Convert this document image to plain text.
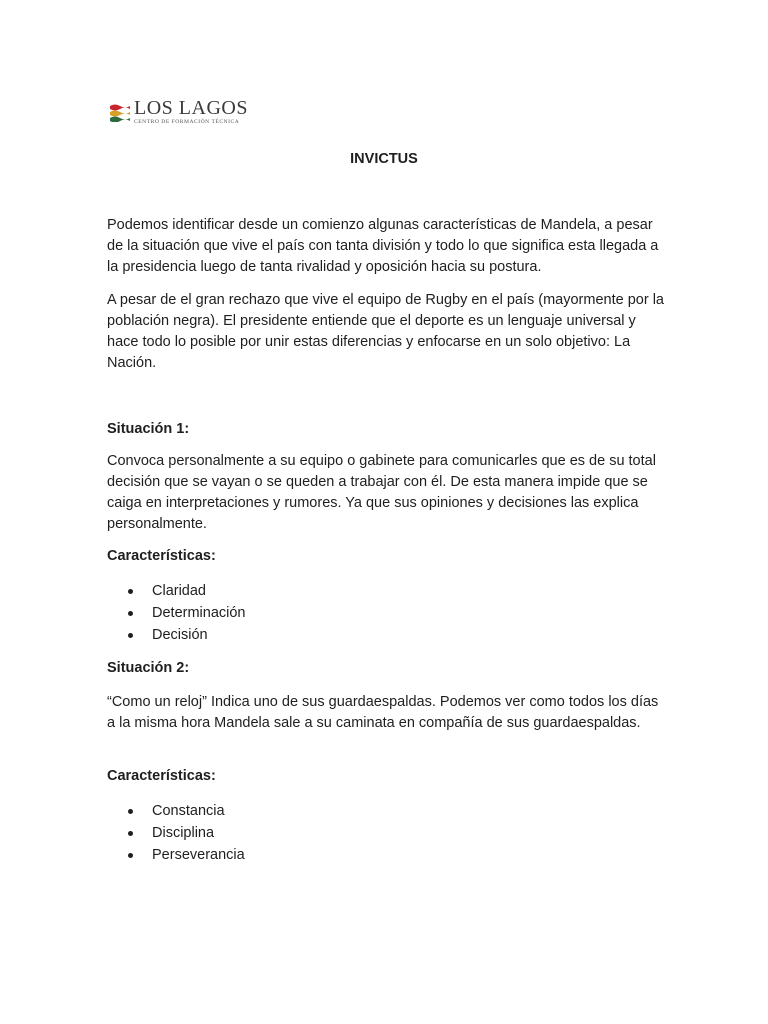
LOS LAGOS
CENTRO DE FORMACIÓN TÉCNICA
INVICTUS

Podemos identificar desde un comienzo algunas características de Mandela, a pesar de la situación que vive el país con tanta división y todo lo que significa esta llegada a la presidencia luego de tanta rivalidad y oposición hacia su postura.

A pesar de el gran rechazo que vive el equipo de Rugby en el país (mayormente por la población negra). El presidente entiende que el deporte es un lenguaje universal y hace todo lo posible por unir estas diferencias y enfocarse en un solo objetivo: La Nación.

Situación 1:

Convoca personalmente a su equipo o gabinete para comunicarles que es de su total decisión que se vayan o se queden a trabajar con él. De esta manera impide que se caiga en interpretaciones y rumores. Ya que sus opiniones y decisiones las explica personalmente.

Características:
Claridad
Determinación
Decisión
Situación 2:

“Como un reloj” Indica uno de sus guardaespaldas. Podemos ver como todos los días a la misma hora Mandela sale a su caminata en compañía de sus guardaespaldas.

Características:
Constancia
Disciplina
Perseverancia
